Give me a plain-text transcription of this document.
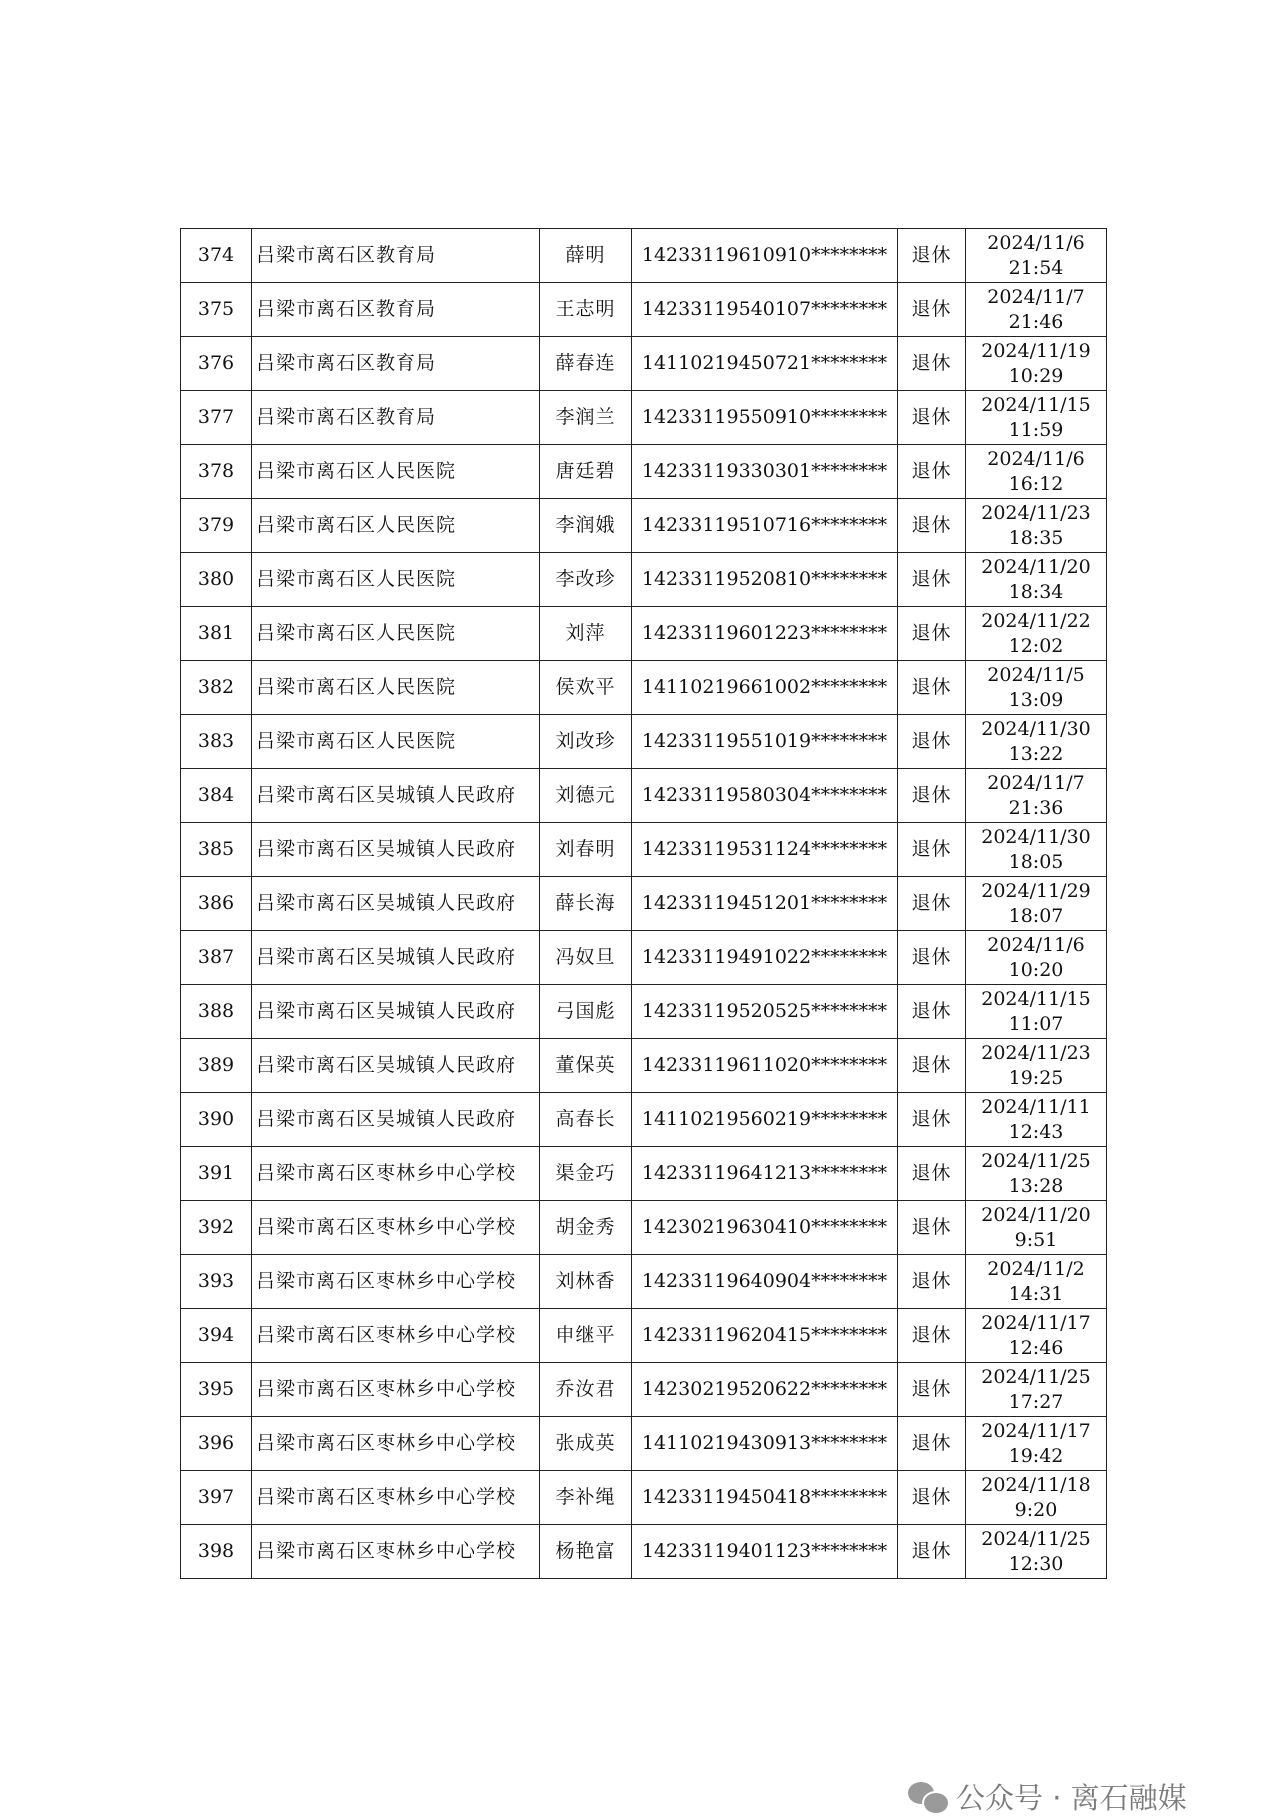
374	吕梁市离石区教育局	薛明	14233119610910********	退休	2024/11/6
21:54

375	吕梁市离石区教育局	王志明	14233119540107********	退休	2024/11/7
21:46

376	吕梁市离石区教育局	薛春连	14110219450721********	退休	2024/11/19
10:29

377	吕梁市离石区教育局	李润兰	14233119550910********	退休	2024/11/15
11:59

378	吕梁市离石区人民医院	唐廷碧	14233119330301********	退休	2024/11/6
16:12

379	吕梁市离石区人民医院	李润娥	14233119510716********	退休	2024/11/23
18:35

380	吕梁市离石区人民医院	李改珍	14233119520810********	退休	2024/11/20
18:34

381	吕梁市离石区人民医院	刘萍	14233119601223********	退休	2024/11/22
12:02

382	吕梁市离石区人民医院	侯欢平	14110219661002********	退休	2024/11/5
13:09

383	吕梁市离石区人民医院	刘改珍	14233119551019********	退休	2024/11/30
13:22

384	吕梁市离石区吴城镇人民政府	刘德元	14233119580304********	退休	2024/11/7
21:36

385	吕梁市离石区吴城镇人民政府	刘春明	14233119531124********	退休	2024/11/30
18:05

386	吕梁市离石区吴城镇人民政府	薛长海	14233119451201********	退休	2024/11/29
18:07

387	吕梁市离石区吴城镇人民政府	冯奴旦	14233119491022********	退休	2024/11/6
10:20

388	吕梁市离石区吴城镇人民政府	弓国彪	14233119520525********	退休	2024/11/15
11:07

389	吕梁市离石区吴城镇人民政府	董保英	14233119611020********	退休	2024/11/23
19:25

390	吕梁市离石区吴城镇人民政府	高春长	14110219560219********	退休	2024/11/11
12:43

391	吕梁市离石区枣林乡中心学校	渠金巧	14233119641213********	退休	2024/11/25
13:28

392	吕梁市离石区枣林乡中心学校	胡金秀	14230219630410********	退休	2024/11/20
9:51

393	吕梁市离石区枣林乡中心学校	刘林香	14233119640904********	退休	2024/11/2
14:31

394	吕梁市离石区枣林乡中心学校	申继平	14233119620415********	退休	2024/11/17
12:46

395	吕梁市离石区枣林乡中心学校	乔汝君	14230219520622********	退休	2024/11/25
17:27

396	吕梁市离石区枣林乡中心学校	张成英	14110219430913********	退休	2024/11/17
19:42

397	吕梁市离石区枣林乡中心学校	李补绳	14233119450418********	退休	2024/11/18
9:20

398	吕梁市离石区枣林乡中心学校	杨艳富	14233119401123********	退休	2024/11/25
12:30
公众号 · 离石融媒
